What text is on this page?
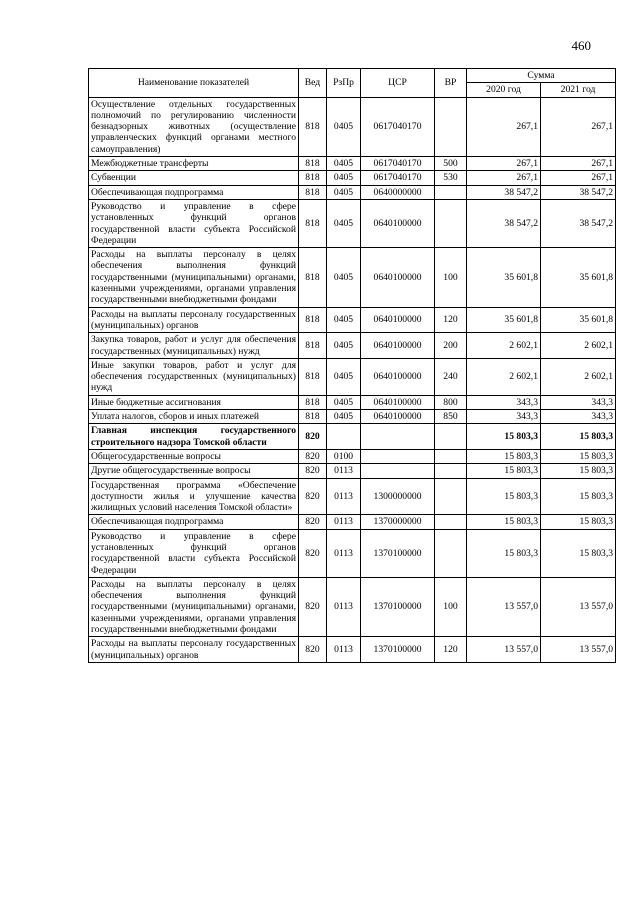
460
Наименование показателей	Вед	РзПр	ЦСР	ВР	Сумма	
					2020 год	2021 год
Осуществление отдельных государственных полномочий по регулированию численности безнадзорных животных (осуществление управленческих функций органами местного самоуправления)	818	0405	0617040170		267,1	267,1
Межбюджетные трансферты	818	0405	0617040170	500	267,1	267,1
Субвенции	818	0405	0617040170	530	267,1	267,1
Обеспечивающая подпрограмма	818	0405	0640000000		38 547,2	38 547,2
Руководство и управление в сфере установленных функций органов государственной власти субъекта Российской Федерации	818	0405	0640100000		38 547,2	38 547,2
Расходы на выплаты персоналу в целях обеспечения выполнения функций государственными (муниципальными) органами, казенными учреждениями, органами управления государственными внебюджетными фондами	818	0405	0640100000	100	35 601,8	35 601,8
Расходы на выплаты персоналу государственных (муниципальных) органов	818	0405	0640100000	120	35 601,8	35 601,8
Закупка товаров, работ и услуг для обеспечения государственных (муниципальных) нужд	818	0405	0640100000	200	2 602,1	2 602,1
Иные закупки товаров, работ и услуг для обеспечения государственных (муниципальных) нужд	818	0405	0640100000	240	2 602,1	2 602,1
Иные бюджетные ассигнования	818	0405	0640100000	800	343,3	343,3
Уплата налогов, сборов и иных платежей	818	0405	0640100000	850	343,3	343,3
Главная инспекция государственного строительного надзора Томской области	820				15 803,3	15 803,3
Общегосударственные вопросы	820	0100			15 803,3	15 803,3
Другие общегосударственные вопросы	820	0113			15 803,3	15 803,3
Государственная программа «Обеспечение доступности жилья и улучшение качества жилищных условий населения Томской области»	820	0113	1300000000		15 803,3	15 803,3
Обеспечивающая подпрограмма	820	0113	1370000000		15 803,3	15 803,3
Руководство и управление в сфере установленных функций органов государственной власти субъекта Российской Федерации	820	0113	1370100000		15 803,3	15 803,3
Расходы на выплаты персоналу в целях обеспечения выполнения функций государственными (муниципальными) органами, казенными учреждениями, органами управления государственными внебюджетными фондами	820	0113	1370100000	100	13 557,0	13 557,0
Расходы на выплаты персоналу государственных (муниципальных) органов	820	0113	1370100000	120	13 557,0	13 557,0
